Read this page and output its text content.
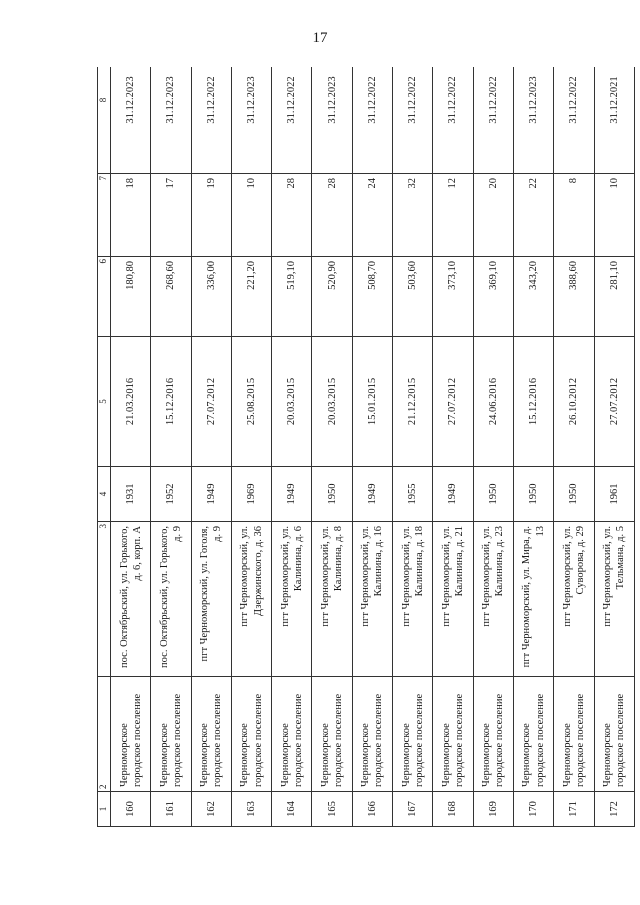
17
1	2	3	4	5	6	7	8
160	Черноморское городское поселение	пос. Октябрьский, ул. Горького, д. 6, корп. А	1931	21.03.2016	180,80	18	31.12.2023
161	Черноморское городское поселение	пос. Октябрьский, ул. Горького, д. 9	1952	15.12.2016	268,60	17	31.12.2023
162	Черноморское городское поселение	пгт Черноморский, ул. Гоголя, д. 9	1949	27.07.2012	336,00	19	31.12.2022
163	Черноморское городское поселение	пгт Черноморский, ул. Дзержинского, д. 36	1969	25.08.2015	221,20	10	31.12.2023
164	Черноморское городское поселение	пгт Черноморский, ул. Калинина, д. 6	1949	20.03.2015	519,10	28	31.12.2022
165	Черноморское городское поселение	пгт Черноморский, ул. Калинина, д. 8	1950	20.03.2015	520,90	28	31.12.2023
166	Черноморское городское поселение	пгт Черноморский, ул. Калинина, д. 16	1949	15.01.2015	508,70	24	31.12.2022
167	Черноморское городское поселение	пгт Черноморский, ул. Калинина, д. 18	1955	21.12.2015	503,60	32	31.12.2022
168	Черноморское городское поселение	пгт Черноморский, ул. Калинина, д. 21	1949	27.07.2012	373,10	12	31.12.2022
169	Черноморское городское поселение	пгт Черноморский, ул. Калинина, д. 23	1950	24.06.2016	369,10	20	31.12.2022
170	Черноморское городское поселение	пгт Черноморский, ул. Мира, д. 13	1950	15.12.2016	343,20	22	31.12.2023
171	Черноморское городское поселение	пгт Черноморский, ул. Суворова, д. 29	1950	26.10.2012	388,60	8	31.12.2022
172	Черноморское городское поселение	пгт Черноморский, ул. Тельмана, д. 5	1961	27.07.2012	281,10	10	31.12.2021
